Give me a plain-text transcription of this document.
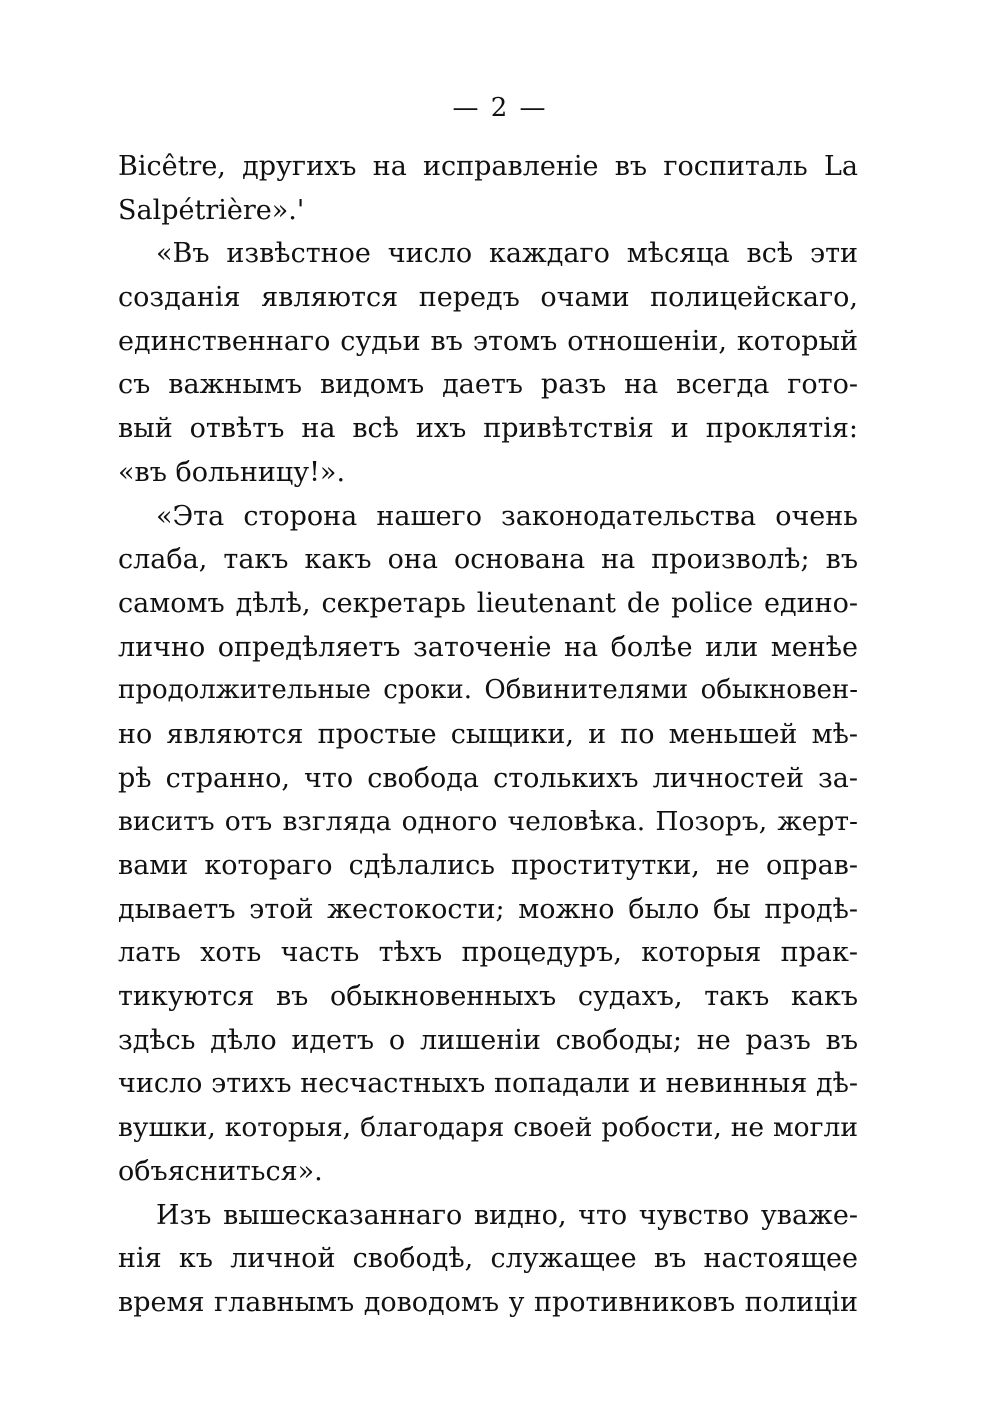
— 2 —
Bicêtre, другихъ на исправленіе въ госпиталь La
Salpétrière».'
«Въ извѣстное число каждаго мѣсяца всѣ эти
созданія являются передъ очами полицейскаго,
единственнаго судьи въ этомъ отношеніи, который
съ важнымъ видомъ даетъ разъ на всегда гото-
вый отвѣтъ на всѣ ихъ привѣтствія и проклятія:
«въ больницу!».
«Эта сторона нашего законодательства очень
слаба, такъ какъ она основана на произволѣ; въ
самомъ дѣлѣ, секретарь lieutenant de police едино-
лично опредѣляетъ заточеніе на болѣе или менѣе
продолжительные сроки. Обвинителями обыкновен-
но являются простые сыщики, и по меньшей мѣ-
рѣ странно, что свобода столькихъ личностей за-
виситъ отъ взгляда одного человѣка. Позоръ, жерт-
вами котораго сдѣлались проститутки, не оправ-
дываетъ этой жестокости; можно было бы продѣ-
лать хоть часть тѣхъ процедуръ, которыя прак-
тикуются въ обыкновенныхъ судахъ, такъ какъ
здѣсь дѣло идетъ о лишеніи свободы; не разъ въ
число этихъ несчастныхъ попадали и невинныя дѣ-
вушки, которыя, благодаря своей робости, не могли
объясниться».
Изъ вышесказаннаго видно, что чувство уваже-
нія къ личной свободѣ, служащее въ настоящее
время главнымъ доводомъ у противниковъ полиціи
